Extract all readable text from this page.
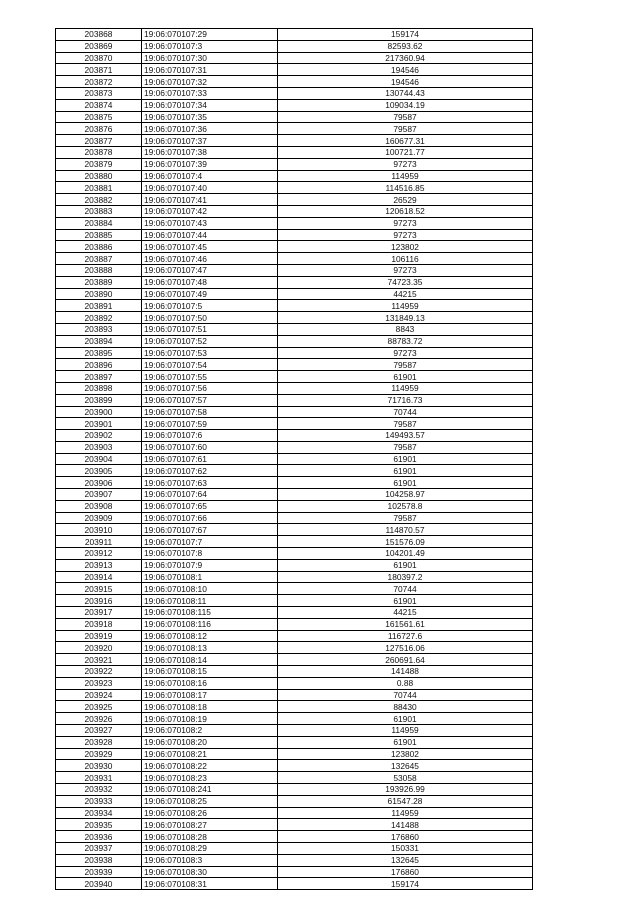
203868	19:06:070107:29	159174
203869	19:06:070107:3	82593.62
203870	19:06:070107:30	217360.94
203871	19:06:070107:31	194546
203872	19:06:070107:32	194546
203873	19:06:070107:33	130744.43
203874	19:06:070107:34	109034.19
203875	19:06:070107:35	79587
203876	19:06:070107:36	79587
203877	19:06:070107:37	160677.31
203878	19:06:070107:38	100721.77
203879	19:06:070107:39	97273
203880	19:06:070107:4	114959
203881	19:06:070107:40	114516.85
203882	19:06:070107:41	26529
203883	19:06:070107:42	120618.52
203884	19:06:070107:43	97273
203885	19:06:070107:44	97273
203886	19:06:070107:45	123802
203887	19:06:070107:46	106116
203888	19:06:070107:47	97273
203889	19:06:070107:48	74723.35
203890	19:06:070107:49	44215
203891	19:06:070107:5	114959
203892	19:06:070107:50	131849.13
203893	19:06:070107:51	8843
203894	19:06:070107:52	88783.72
203895	19:06:070107:53	97273
203896	19:06:070107:54	79587
203897	19:06:070107:55	61901
203898	19:06:070107:56	114959
203899	19:06:070107:57	71716.73
203900	19:06:070107:58	70744
203901	19:06:070107:59	79587
203902	19:06:070107:6	149493.57
203903	19:06:070107:60	79587
203904	19:06:070107:61	61901
203905	19:06:070107:62	61901
203906	19:06:070107:63	61901
203907	19:06:070107:64	104258.97
203908	19:06:070107:65	102578.8
203909	19:06:070107:66	79587
203910	19:06:070107:67	114870.57
203911	19:06:070107:7	151576.09
203912	19:06:070107:8	104201.49
203913	19:06:070107:9	61901
203914	19:06:070108:1	180397.2
203915	19:06:070108:10	70744
203916	19:06:070108:11	61901
203917	19:06:070108:115	44215
203918	19:06:070108:116	161561.61
203919	19:06:070108:12	116727.6
203920	19:06:070108:13	127516.06
203921	19:06:070108:14	260691.64
203922	19:06:070108:15	141488
203923	19:06:070108:16	0.88
203924	19:06:070108:17	70744
203925	19:06:070108:18	88430
203926	19:06:070108:19	61901
203927	19:06:070108:2	114959
203928	19:06:070108:20	61901
203929	19:06:070108:21	123802
203930	19:06:070108:22	132645
203931	19:06:070108:23	53058
203932	19:06:070108:241	193926.99
203933	19:06:070108:25	61547.28
203934	19:06:070108:26	114959
203935	19:06:070108:27	141488
203936	19:06:070108:28	176860
203937	19:06:070108:29	150331
203938	19:06:070108:3	132645
203939	19:06:070108:30	176860
203940	19:06:070108:31	159174
